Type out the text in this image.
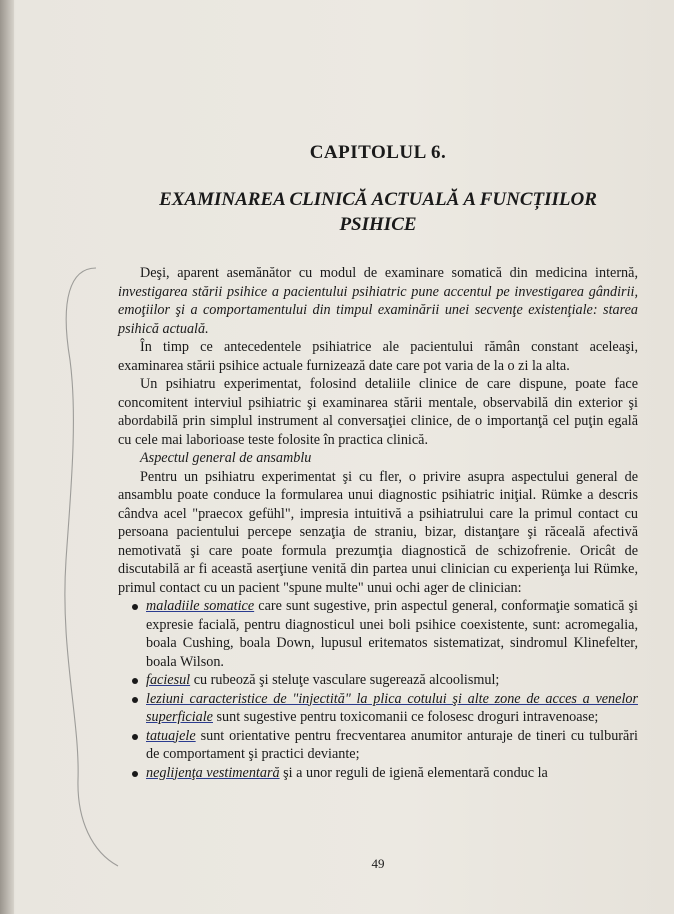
CAPITOLUL 6.
EXAMINAREA CLINICĂ ACTUALĂ A FUNCȚIILOR
PSIHICE

Deşi, aparent asemănător cu modul de examinare somatică din medicina internă, investigarea stării psihice a pacientului psihiatric pune accentul pe investigarea gândirii, emoţiilor şi a comportamentului din timpul examinării unei secvenţe existenţiale: starea psihică actuală.

În timp ce antecedentele psihiatrice ale pacientului rămân constant aceleaşi, examinarea stării psihice actuale furnizează date care pot varia de la o zi la alta.

Un psihiatru experimentat, folosind detaliile clinice de care dispune, poate face concomitent interviul psihiatric şi examinarea stării mentale, observabilă din exterior şi abordabilă prin simplul instrument al conversaţiei clinice, de o importanţă cel puţin egală cu cele mai laborioase teste folosite în practica clinică.

Aspectul general de ansamblu

Pentru un psihiatru experimentat şi cu fler, o privire asupra aspectului general de ansamblu poate conduce la formularea unui diagnostic psihiatric iniţial. Rümke a descris cândva acel "praecox gefühl", impresia intuitivă a psihiatrului care la primul contact cu persoana pacientului percepe senzaţia de straniu, bizar, distanţare şi răceală afectivă nemotivată şi care poate formula prezumţia diagnostică de schizofrenie. Oricât de discutabilă ar fi această aserţiune venită din partea unui clinician cu experienţa lui Rümke, primul contact cu un pacient "spune multe" unui ochi ager de clinician:

maladiile somatice care sunt sugestive, prin aspectul general, conformaţie somatică şi expresie facială, pentru diagnosticul unei boli psihice coexistente, sunt: acromegalia, boala Cushing, boala Down, lupusul eritematos sistematizat, sindromul Klinefelter, boala Wilson.
faciesul cu rubeoză şi steluţe vasculare sugerează alcoolismul;
leziuni caracteristice de "injectită" la plica cotului şi alte zone de acces a venelor superficiale sunt sugestive pentru toxicomanii ce folosesc droguri intravenoase;
tatuajele sunt orientative pentru frecventarea anumitor anturaje de tineri cu tulburări de comportament şi practici deviante;
neglijenţa vestimentară şi a unor reguli de igienă elementară conduc la
49
